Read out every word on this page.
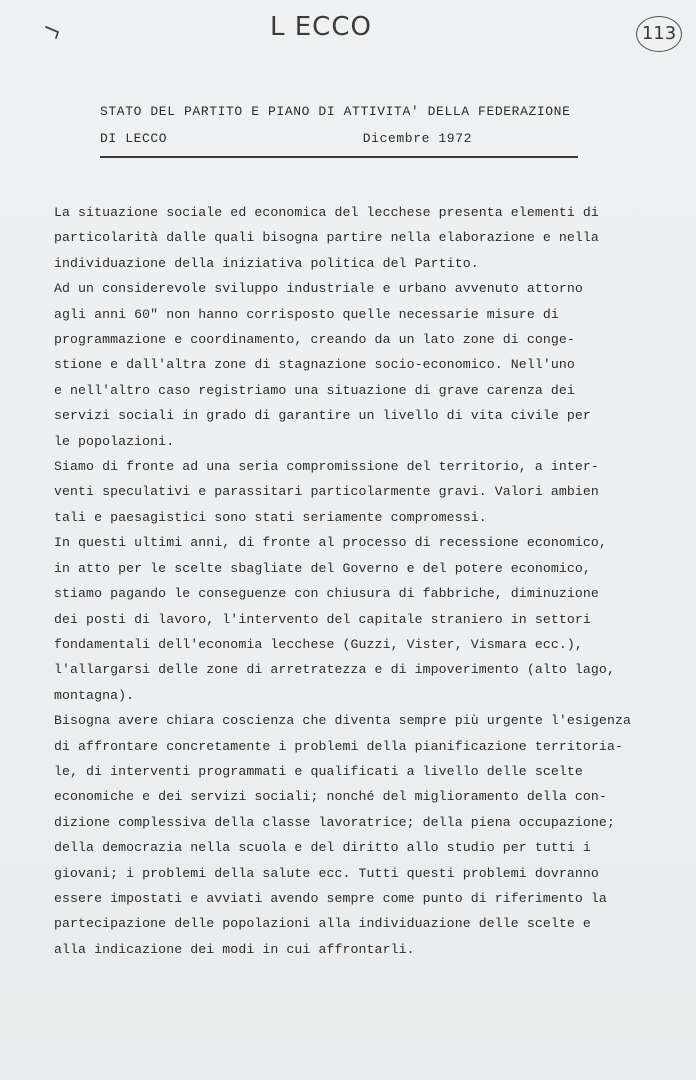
L ECCO	113
STATO DEL PARTITO E PIANO DI ATTIVITA' DELLA FEDERAZIONE
DI LECCO	Dicembre 1972
La situazione sociale ed economica del lecchese presenta elementi di
particolarità dalle quali bisogna partire nella elaborazione e nella
individuazione della iniziativa politica del Partito.
Ad un considerevole sviluppo industriale e urbano avvenuto attorno
agli anni 60" non hanno corrisposto quelle necessarie misure di
programmazione e coordinamento, creando da un lato zone di conge-
stione e dall'altra zone di stagnazione socio-economico. Nell'uno
e nell'altro caso registriamo una situazione di grave carenza dei
servizi sociali in grado di garantire un livello di vita civile per
le popolazioni.
Siamo di fronte ad una seria compromissione del territorio, a inter-
venti speculativi e parassitari particolarmente gravi. Valori ambien
tali e paesagistici sono stati seriamente compromessi.
In questi ultimi anni, di fronte al processo di recessione economico,
in atto per le scelte sbagliate del Governo e del potere economico,
stiamo pagando le conseguenze con chiusura di fabbriche, diminuzione
dei posti di lavoro, l'intervento del capitale straniero in settori
fondamentali dell'economia lecchese (Guzzi, Vister, Vismara ecc.),
l'allargarsi delle zone di arretratezza e di impoverimento (alto lago,
montagna).
Bisogna avere chiara coscienza che diventa sempre più urgente l'esigenza
di affrontare concretamente i problemi della pianificazione territoria-
le, di interventi programmati e qualificati a livello delle scelte
economiche e dei servizi sociali; nonché del miglioramento della con-
dizione complessiva della classe lavoratrice; della piena occupazione;
della democrazia nella scuola e del diritto allo studio per tutti i
giovani; i problemi della salute ecc. Tutti questi problemi dovranno
essere impostati e avviati avendo sempre come punto di riferimento la
partecipazione delle popolazioni alla individuazione delle scelte e
alla indicazione dei modi in cui affrontarli.
